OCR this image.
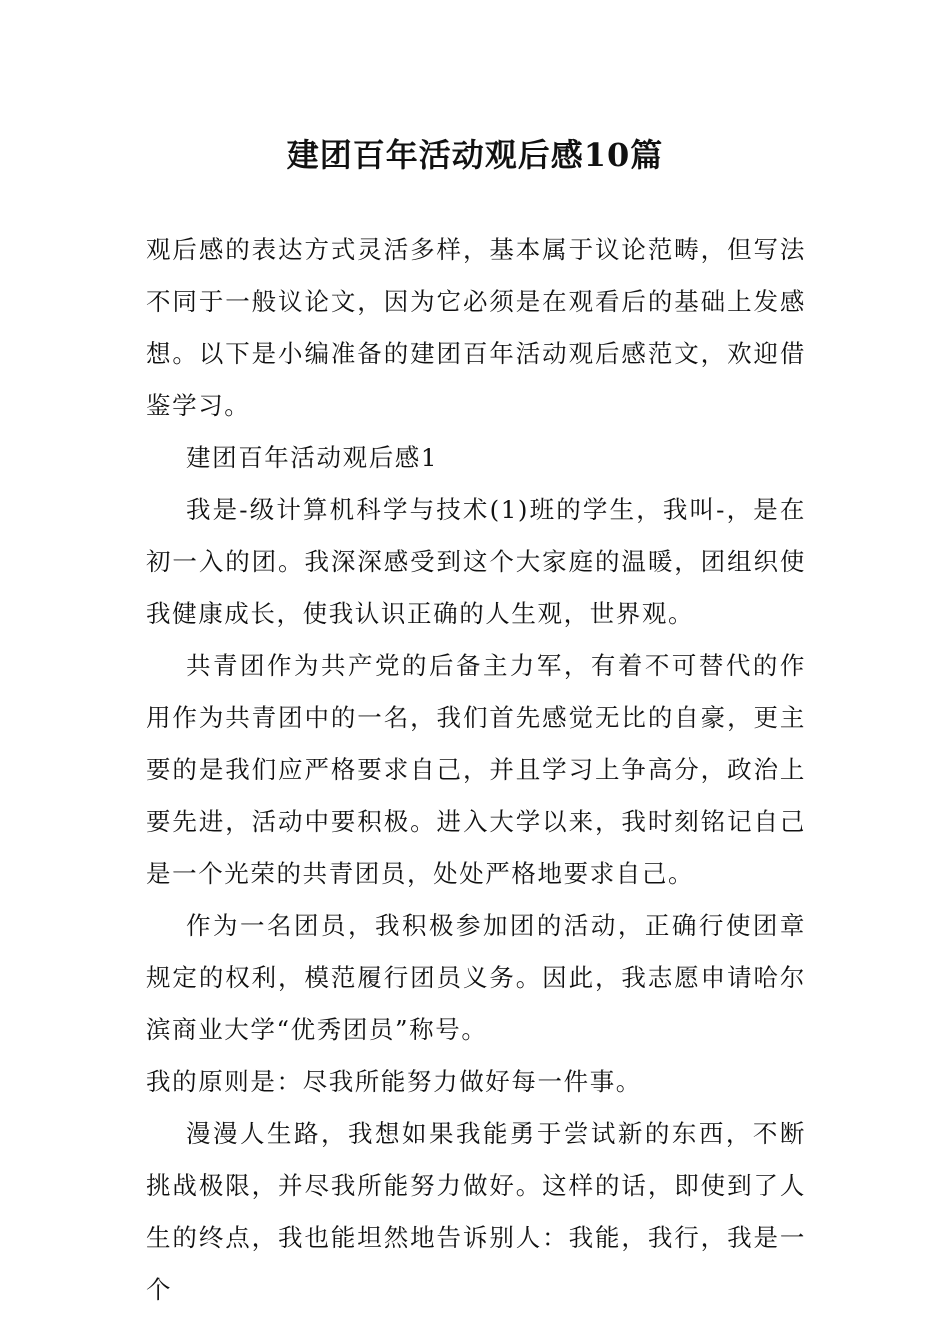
建团百年活动观后感10篇

观后感的表达方式灵活多样，基本属于议论范畴，但写法不同于一般议论文，因为它必须是在观看后的基础上发感想。以下是小编准备的建团百年活动观后感范文，欢迎借鉴学习。

建团百年活动观后感1

我是-级计算机科学与技术(1)班的学生，我叫-，是在初一入的团。我深深感受到这个大家庭的温暖，团组织使我健康成长，使我认识正确的人生观，世界观。

共青团作为共产党的后备主力军，有着不可替代的作用作为共青团中的一名，我们首先感觉无比的自豪，更主要的是我们应严格要求自己，并且学习上争高分，政治上要先进，活动中要积极。进入大学以来，我时刻铭记自己是一个光荣的共青团员，处处严格地要求自己。

作为一名团员，我积极参加团的活动，正确行使团章规定的权利，模范履行团员义务。因此，我志愿申请哈尔滨商业大学“优秀团员”称号。

我的原则是：尽我所能努力做好每一件事。

漫漫人生路，我想如果我能勇于尝试新的东西，不断挑战极限，并尽我所能努力做好。这样的话，即使到了人生的终点，我也能坦然地告诉别人：我能，我行，我是一个
